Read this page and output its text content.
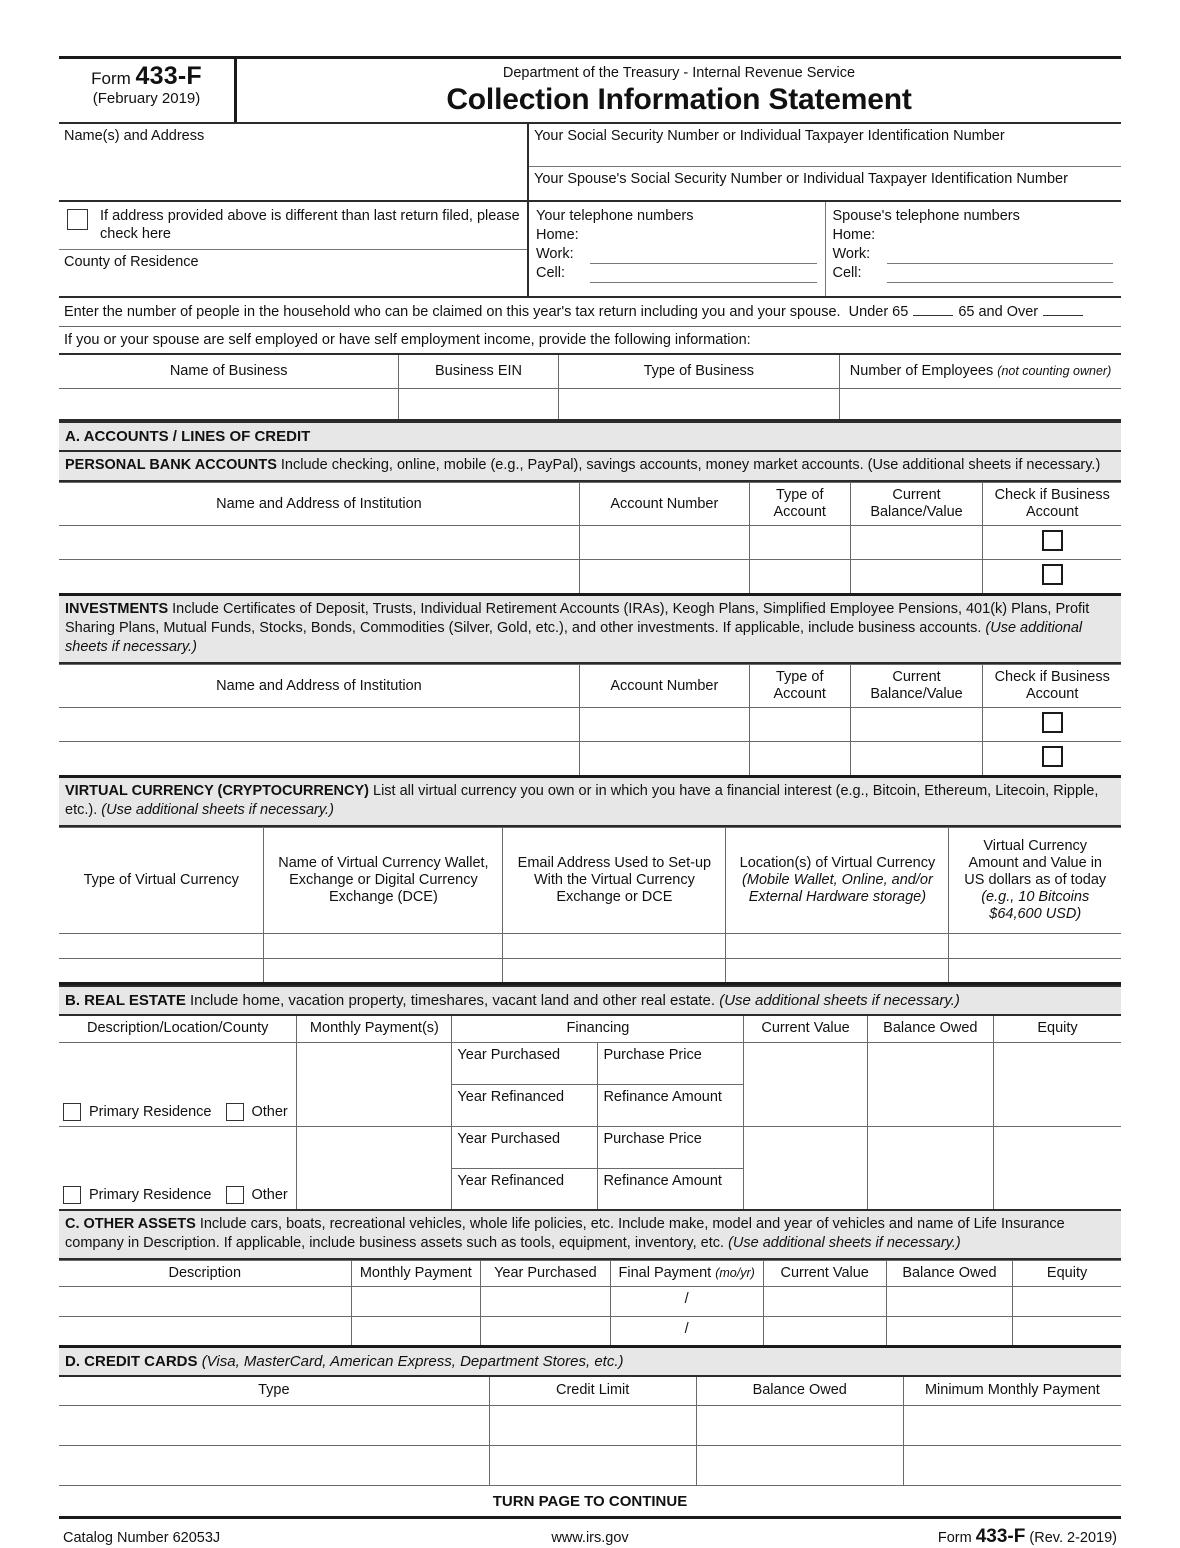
Form 433-F
(February 2019)
Department of the Treasury - Internal Revenue Service
Collection Information Statement
Name(s) and Address	Your Social Security Number or Individual Taxpayer Identification Number
Your Spouse's Social Security Number or Individual Taxpayer Identification Number
If address provided above is different than last return filed, please check here
County of Residence
Your telephone numbers
Home:
Work:
Cell:
Spouse's telephone numbers
Home:
Work:
Cell:
Enter the number of people in the household who can be claimed on this year's tax return including you and your spouse.
Under 65	65 and Over
If you or your spouse are self employed or have self employment income, provide the following information:
Name of Business	Business EIN	Type of Business	Number of Employees (not counting owner)

A. ACCOUNTS / LINES OF CREDIT
PERSONAL BANK ACCOUNTS Include checking, online, mobile (e.g., PayPal), savings accounts, money market accounts. (Use additional sheets if necessary.)
Name and Address of Institution	Account Number	Type of Account	Current Balance/Value	Check if Business Account

INVESTMENTS Include Certificates of Deposit, Trusts, Individual Retirement Accounts (IRAs), Keogh Plans, Simplified Employee Pensions, 401(k) Plans, Profit Sharing Plans, Mutual Funds, Stocks, Bonds, Commodities (Silver, Gold, etc.), and other investments. If applicable, include business accounts. (Use additional sheets if necessary.)
Name and Address of Institution	Account Number	Type of Account	Current Balance/Value	Check if Business Account

VIRTUAL CURRENCY (CRYPTOCURRENCY) List all virtual currency you own or in which you have a financial interest (e.g., Bitcoin, Ethereum, Litecoin, Ripple, etc.). (Use additional sheets if necessary.)
Type of Virtual Currency

Name of Virtual Currency Wallet,
Exchange or Digital Currency
Exchange (DCE)

Email Address Used to Set-up
With the Virtual Currency
Exchange or DCE

Location(s) of Virtual Currency
(Mobile Wallet, Online, and/or
External Hardware storage)

Virtual Currency
Amount and Value in
US dollars as of today
(e.g., 10 Bitcoins
$64,600 USD)

B. REAL ESTATE Include home, vacation property, timeshares, vacant land and other real estate. (Use additional sheets if necessary.)
Description/Location/County	Monthly Payment(s)	Financing		Current Value	Balance Owed	Equity

Primary Residence Other		Year Purchased	Purchase Price			
		Year Refinanced	Refinance Amount			

Primary Residence Other		Year Purchased	Purchase Price			
		Year Refinanced	Refinance Amount			
C. OTHER ASSETS Include cars, boats, recreational vehicles, whole life policies, etc. Include make, model and year of vehicles and name of Life Insurance company in Description. If applicable, include business assets such as tools, equipment, inventory, etc. (Use additional sheets if necessary.)
Description	Monthly Payment	Year Purchased	Final Payment (mo/yr)	Current Value	Balance Owed	Equity
			/			
			/			
D. CREDIT CARDS (Visa, MasterCard, American Express, Department Stores, etc.)
Type	Credit Limit	Balance Owed	Minimum Monthly Payment

TURN PAGE TO CONTINUE
Catalog Number 62053J	www.irs.gov	Form 433-F (Rev. 2-2019)
